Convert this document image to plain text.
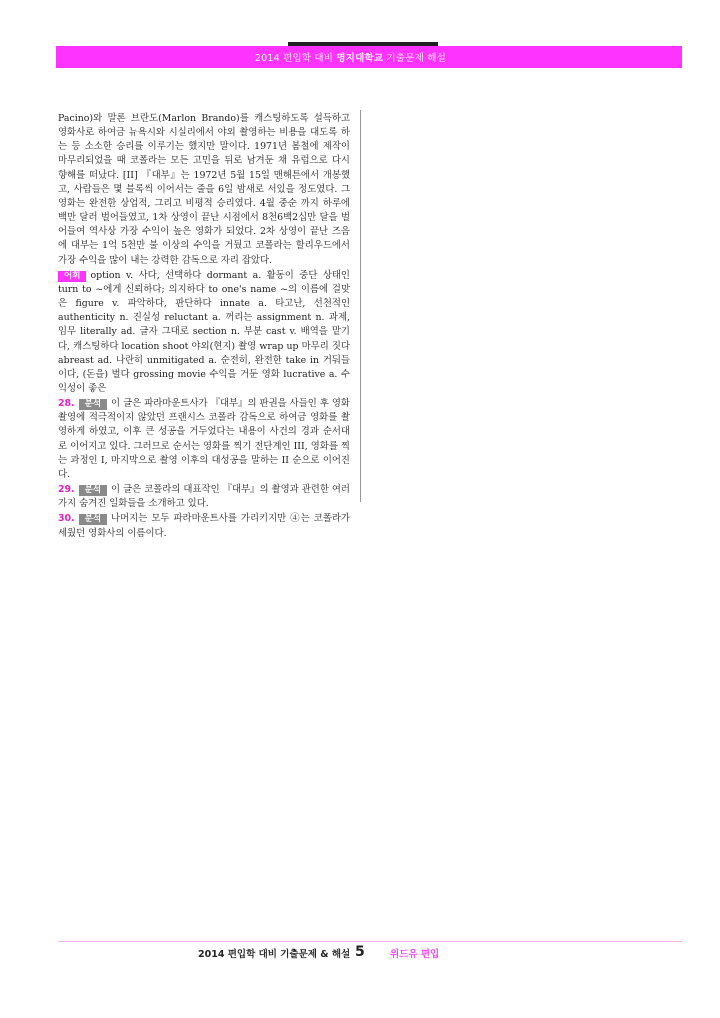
2014 편입학 대비 명지대학교 기출문제 해설

Pacino)와 말론 브란도(Marlon Brando)를 캐스팅하도록 설득하고 영화사로 하여금 뉴욕시와 시실리에서 야외 촬영하는 비용을 대도록 하는 등 소소한 승리를 이루기는 했지만 말이다. 1971년 봄철에 제작이 마무리되었을 때 코폴라는 모든 고민을 뒤로 남겨둔 채 유럽으로 다시 향해를 떠났다. [II] 『대부』는 1972년 5월 15일 맨해튼에서 개봉했고, 사람들은 몇 블록씩 이어서는 줄을 6일 밤새로 서있을 정도였다. 그 영화는 완전한 상업적, 그리고 비평적 승리였다. 4월 중순 까지 하루에 백만 달러 벌어들였고, 1차 상영이 끝난 시점에서 8천6백2십만 달을 벌어들여 역사상 가장 수익이 높은 영화가 되었다. 2차 상영이 끝난 즈음에 대부는 1억 5천만 불 이상의 수익을 거뒀고 코폴라는 할리우드에서 가장 수익을 많이 내는 강력한 감독으로 자리 잡았다.

어휘 option v. 사다, 선택하다 dormant a. 활동이 중단 상태인 turn to ~에게 신뢰하다; 의지하다 to one's name ~의 이름에 걸맞은 figure v. 파악하다, 판단하다 innate a. 타고난, 선천적인 authenticity n. 진실성 reluctant a. 꺼리는 assignment n. 과제, 임무 literally ad. 글자 그대로 section n. 부분 cast v. 배역을 맡기다, 캐스팅하다 location shoot 야외(현지) 촬영 wrap up 마무리 짓다 abreast ad. 나란히 unmitigated a. 순전히, 완전한 take in 거둬들이다, (돈을) 벌다 grossing movie 수익을 거둔 영화 lucrative a. 수익성이 좋은

28. 분석 이 글은 파라마운트사가 『대부』의 판권을 사들인 후 영화 촬영에 적극적이지 않았던 프랜시스 코폴라 감독으로 하여금 영화를 촬영하게 하였고, 이후 큰 성공을 거두었다는 내용이 사건의 경과 순서대로 이어지고 있다. 그러므로 순서는 영화를 찍기 전단계인 III, 영화를 찍는 과정인 I, 마지막으로 촬영 이후의 대성공을 말하는 II 순으로 이어진다.

29. 분석 이 글은 코폴라의 대표작인 『대부』의 촬영과 관련한 여러 가지 숨겨진 일화들을 소개하고 있다.

30. 분석 나머지는 모두 파라마운트사를 가리키지만 ④는 코폴라가 세웠던 영화사의 이름이다.

2014 편입학 대비 기출문제 & 해설 5	위드유 편입
